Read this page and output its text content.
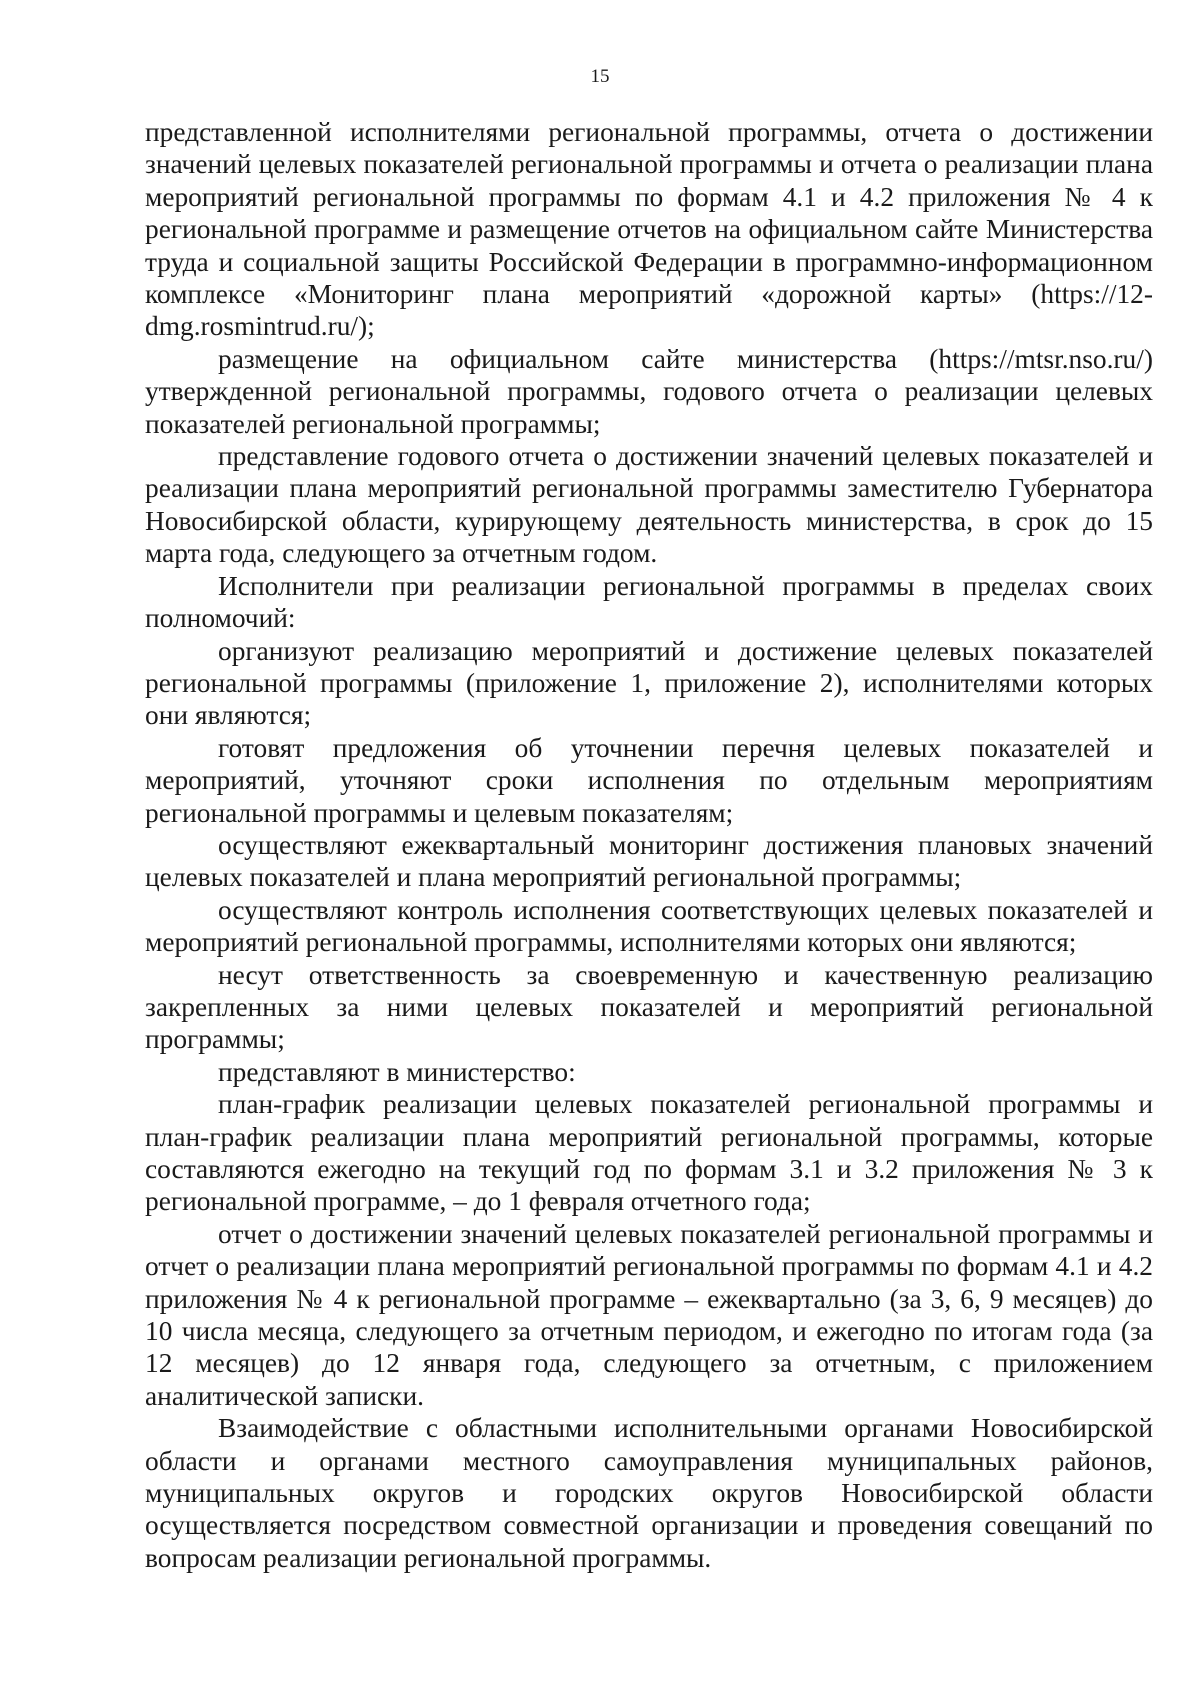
15

представленной исполнителями региональной программы, отчета о достижении значений целевых показателей региональной программы и отчета о реализации плана мероприятий региональной программы по формам 4.1 и 4.2 приложения № 4 к региональной программе и размещение отчетов на официальном сайте Министерства труда и социальной защиты Российской Федерации в программно-информационном комплексе «Мониторинг плана мероприятий «дорожной карты» (https://12-dmg.rosmintrud.ru/);

размещение на официальном сайте министерства (https://mtsr.nso.ru/) утвержденной региональной программы, годового отчета о реализации целевых показателей региональной программы;

представление годового отчета о достижении значений целевых показателей и реализации плана мероприятий региональной программы заместителю Губернатора Новосибирской области, курирующему деятельность министерства, в срок до 15 марта года, следующего за отчетным годом.

Исполнители при реализации региональной программы в пределах своих полномочий:

организуют реализацию мероприятий и достижение целевых показателей региональной программы (приложение 1, приложение 2), исполнителями которых они являются;

готовят предложения об уточнении перечня целевых показателей и мероприятий, уточняют сроки исполнения по отдельным мероприятиям региональной программы и целевым показателям;

осуществляют ежеквартальный мониторинг достижения плановых значений целевых показателей и плана мероприятий региональной программы;

осуществляют контроль исполнения соответствующих целевых показателей и мероприятий региональной программы, исполнителями которых они являются;

несут ответственность за своевременную и качественную реализацию закрепленных за ними целевых показателей и мероприятий региональной программы;

представляют в министерство:

план-график реализации целевых показателей региональной программы и план-график реализации плана мероприятий региональной программы, которые составляются ежегодно на текущий год по формам 3.1 и 3.2 приложения № 3 к региональной программе, – до 1 февраля отчетного года;

отчет о достижении значений целевых показателей региональной программы и отчет о реализации плана мероприятий региональной программы по формам 4.1 и 4.2 приложения № 4 к региональной программе – ежеквартально (за 3, 6, 9 месяцев) до 10 числа месяца, следующего за отчетным периодом, и ежегодно по итогам года (за 12 месяцев) до 12 января года, следующего за отчетным, с приложением аналитической записки.

Взаимодействие с областными исполнительными органами Новосибирской области и органами местного самоуправления муниципальных районов, муниципальных округов и городских округов Новосибирской области осуществляется посредством совместной организации и проведения совещаний по вопросам реализации региональной программы.
